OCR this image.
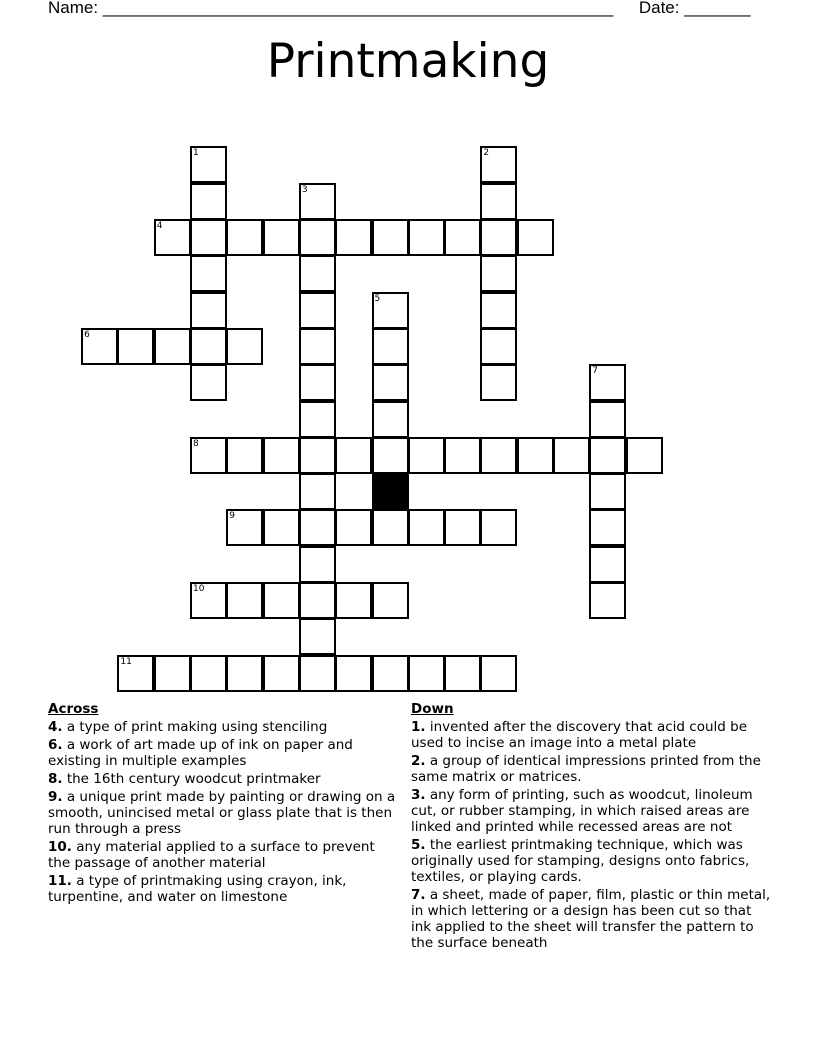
Name: ______________________________________________________ Date: _______
Printmaking
1	2
3
4
5
6
7
8
9
10
11
Across
4. a type of print making using stenciling
6. a work of art made up of ink on paper and existing in multiple examples
8. the 16th century woodcut printmaker
9. a unique print made by painting or drawing on a smooth, unincised metal or glass plate that is then run through a press
10. any material applied to a surface to prevent the passage of another material
11. a type of printmaking using crayon, ink, turpentine, and water on limestone
Down
1. invented after the discovery that acid could be used to incise an image into a metal plate
2. a group of identical impressions printed from the same matrix or matrices.
3. any form of printing, such as woodcut, linoleum cut, or rubber stamping, in which raised areas are linked and printed while recessed areas are not
5. the earliest printmaking technique, which was originally used for stamping, designs onto fabrics, textiles, or playing cards.
7. a sheet, made of paper, film, plastic or thin metal, in which lettering or a design has been cut so that ink applied to the sheet will transfer the pattern to the surface beneath
